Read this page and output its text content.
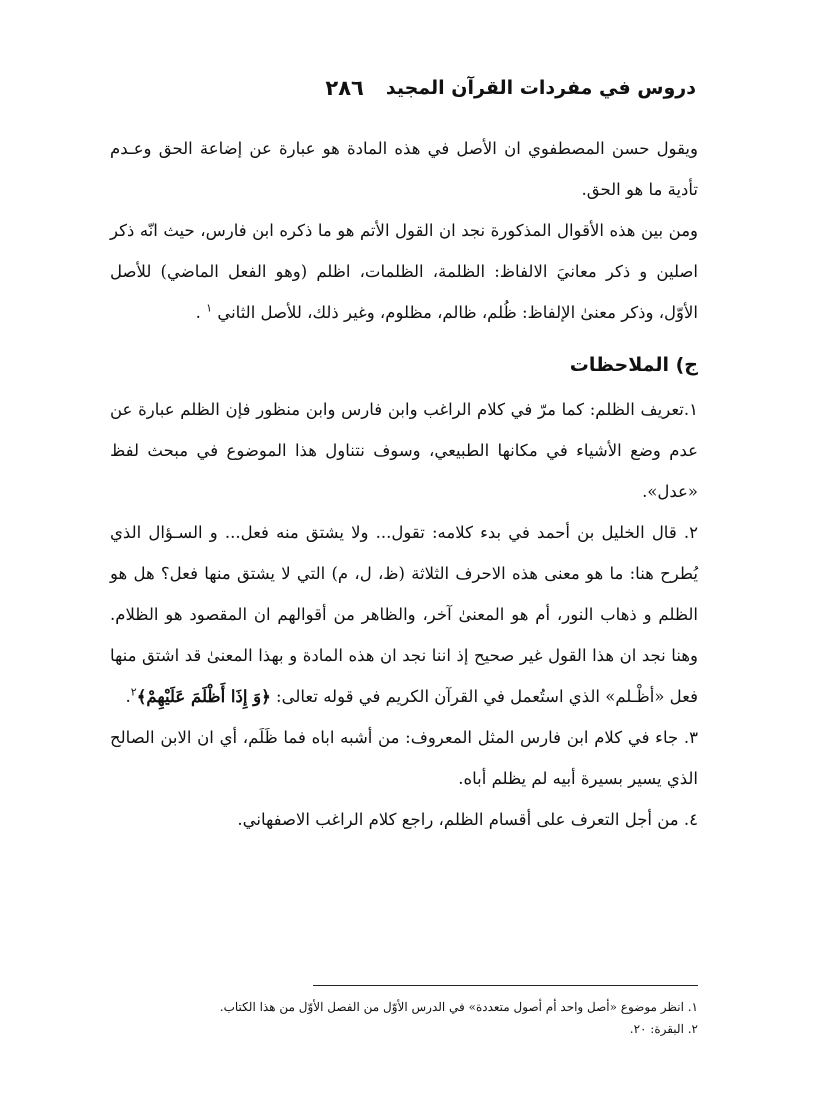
دروس في مفردات القرآن المجيد
٢٨٦

ويقول حسن المصطفوي ان الأصل في هذه المادة هو عبارة عن إضاعة الحق وعـدم تأدية ما هو الحق.

ومن بين هذه الأقوال المذكورة نجد ان القول الأتم هو ما ذكره ابن فارس، حيث انّه ذكر اصلين و ذكر معانيَ الالفاظ: الظلمة، الظلمات، اظلم (وهو الفعل الماضي) للأصل الأوّل، وذكر معنىٰ الإلفاظ: ظُلم، ظالم، مظلوم، وغير ذلك، للأصل الثاني $^١$ .

ج) الملاحظات

١.تعريف الظلم: كما مرّ في كلام الراغب وابن فارس وابن منظور فإن الظلم عبارة عن عدم وضع الأشياء في مكانها الطبيعي، وسوف نتناول هذا الموضوع في مبحث لفظ «عدل».

٢. قال الخليل بن أحمد في بدء كلامه: تقول... ولا يشتق منه فعل... و السـؤال الذي يُطرح هنا: ما هو معنى هذه الاحرف الثلاثة (ظ، ل، م) التي لا يشتق منها فعل؟ هل هو الظلم و ذهاب النور، أم هو المعنىٰ آخر، والظاهر من أقوالهم ان المقصود هو الظلام. وهنا نجد ان هذا القول غير صحيح إذ اننا نجد ان هذه المادة و بهذا المعنىٰ قد اشتق منها فعل «أظْـلم» الذي استُعمل في القرآن الكريم في قوله تعالى: ﴿وَ إِذَا أَظْلَمَ عَلَيْهِمْ﴾$^٢$.

٣. جاء في كلام ابن فارس المثل المعروف: من أشبه اباه فما ظَلَم، أي ان الابن الصالح الذي يسير بسيرة أبيه لم يظلم أباه.

٤. من أجل التعرف على أقسام الظلم، راجع كلام الراغب الاصفهاني.

١. انظر موضوع «أصل واحد أم أصول متعددة» في الدرس الأوّل من الفصل الأوّل من هذا الكتاب.

٢. البقرة: ٢٠.
